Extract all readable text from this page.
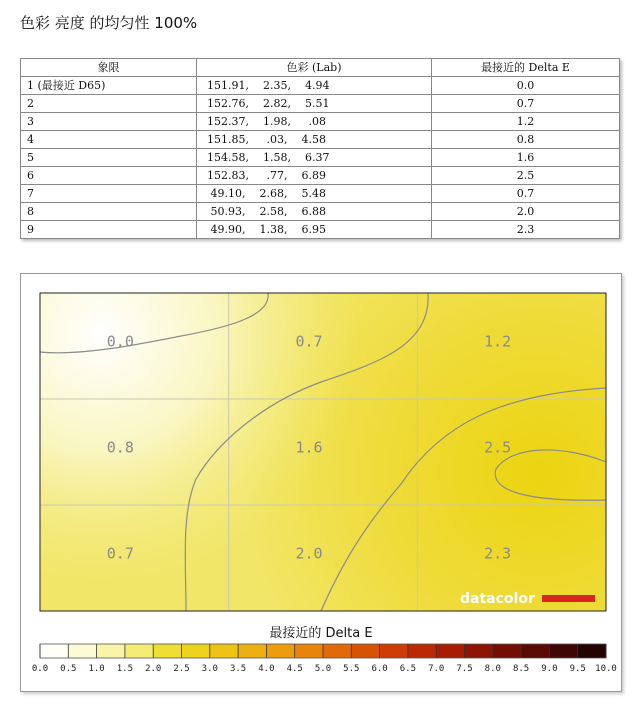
色彩 亮度 的均匀性 100%
象限	色彩 (Lab)	最接近的 Delta E
1 (最接近 D65)	151.91,    2.35,    4.94	0.0
2	152.76,    2.82,    5.51	0.7
3	152.37,    1.98,     .08	1.2
4	151.85,     .03,    4.58	0.8
5	154.58,    1.58,    6.37	1.6
6	152.83,     .77,    6.89	2.5
7	49.10,    2.68,    5.48	0.7
8	50.93,    2.58,    6.88	2.0
9	49.90,    1.38,    6.95	2.3
0.0	0.7	1.2
0.8	1.6	2.5
0.7	2.0	2.3
datacolor
最接近的 Delta E
0.0 0.5 1.0 1.5 2.0 2.5 3.0 3.5 4.0 4.5 5.0 5.5 6.0 6.5 7.0 7.5 8.0 8.5 9.0 9.5 10.0
